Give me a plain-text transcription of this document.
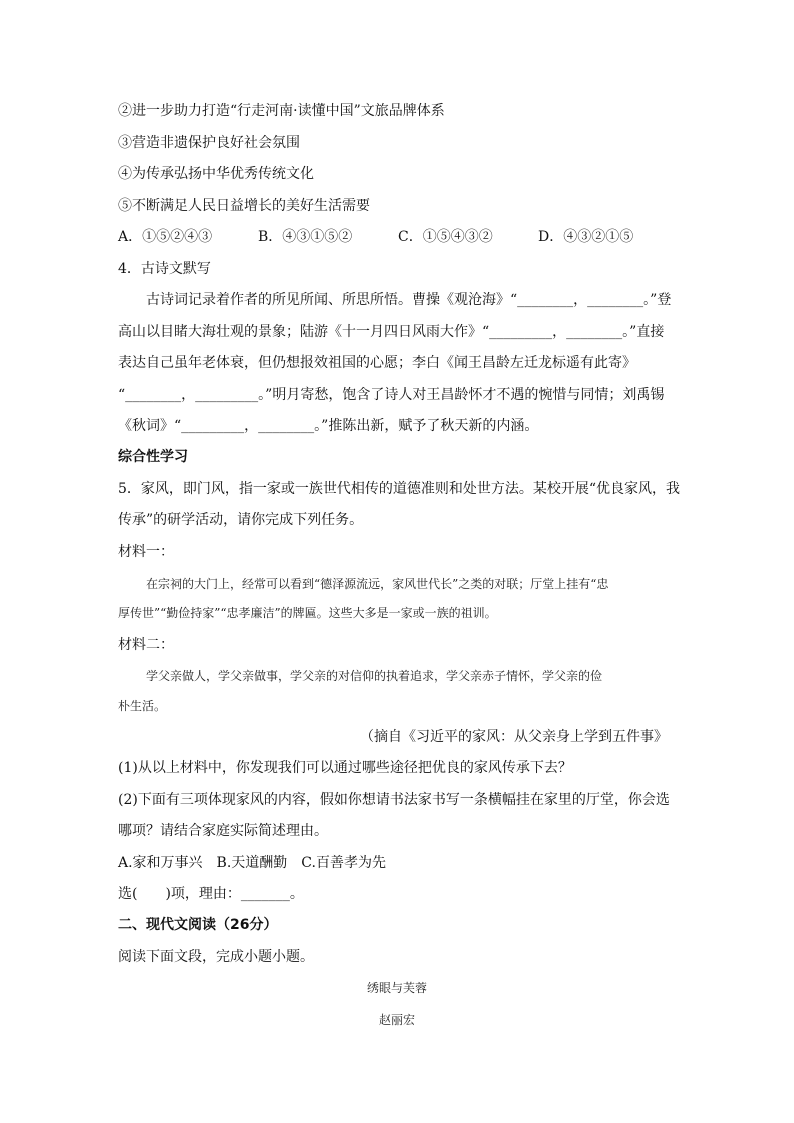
②进一步助力打造“行走河南·读懂中国”文旅品牌体系
③营造非遗保护良好社会氛围
④为传承弘扬中华优秀传统文化
⑤不断满足人民日益增长的美好生活需要
A．①⑤②④③	B．④③①⑤②	C．①⑤④③②	D．④③②①⑤
4．古诗文默写
古诗词记录着作者的所见所闻、所思所悟。曹操《观沧海》“________，________。”登
高山以目睹大海壮观的景象；陆游《十一月四日风雨大作》“_________，________。”直接
表达自己虽年老体衰，但仍想报效祖国的心愿；李白《闻王昌龄左迁龙标遥有此寄》
“________，_________。”明月寄愁，饱含了诗人对王昌龄怀才不遇的惋惜与同情；刘禹锡
《秋词》“_________，________。”推陈出新，赋予了秋天新的内涵。
综合性学习
5．家风，即门风，指一家或一族世代相传的道德准则和处世方法。某校开展“优良家风，我
传承”的研学活动，请你完成下列任务。
材料一：
在宗祠的大门上，经常可以看到“德泽源流远，家风世代长”之类的对联；厅堂上挂有“忠
厚传世”“勤俭持家”“忠孝廉洁”的牌匾。这些大多是一家或一族的祖训。
材料二：
学父亲做人，学父亲做事，学父亲的对信仰的执着追求，学父亲赤子情怀，学父亲的俭
朴生活。
（摘自《习近平的家风：从父亲身上学到五件事》
(1)从以上材料中，你发现我们可以通过哪些途径把优良的家风传承下去？
(2)下面有三项体现家风的内容，假如你想请书法家书写一条横幅挂在家里的厅堂，你会选
哪项？请结合家庭实际简述理由。
A.家和万事兴　B.天道酬勤　C.百善孝为先
选(　　)项，理由：_______。
二、现代文阅读（26分）
阅读下面文段，完成小题小题。
绣眼与芙蓉
赵丽宏
